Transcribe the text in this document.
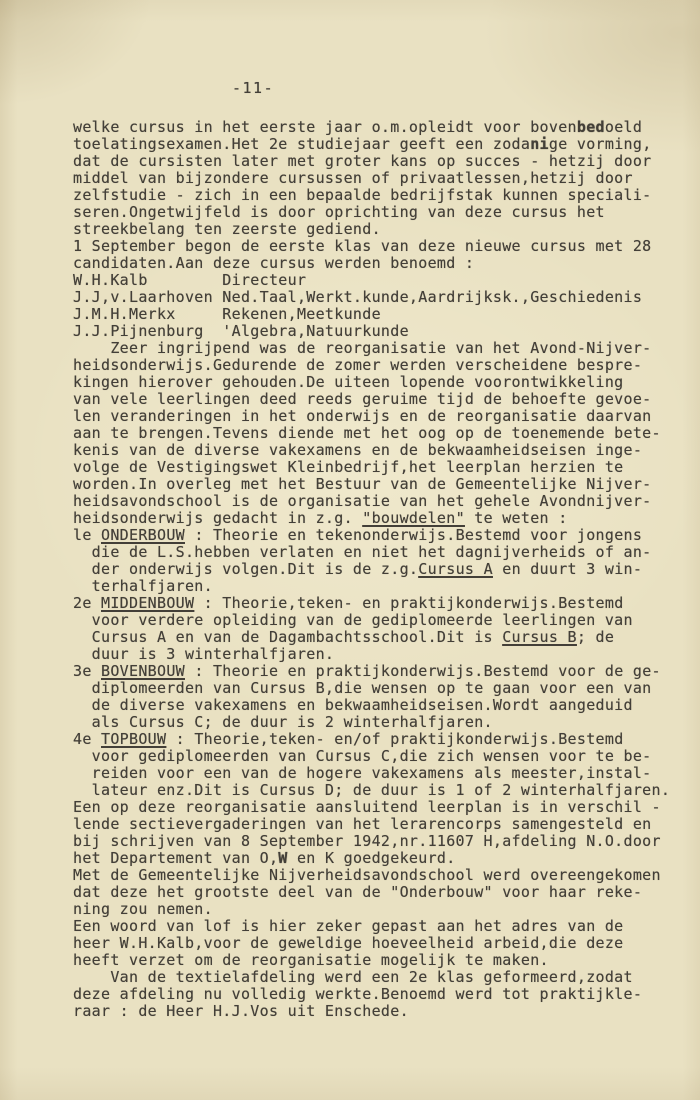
-11-
welke cursus in het eerste jaar o.m.opleidt voor bovenbedoeld
toelatingsexamen.Het 2e studiejaar geeft een zodanige vorming,
dat de cursisten later met groter kans op succes - hetzij door
middel van bijzondere cursussen of privaatlessen,hetzij door
zelfstudie - zich in een bepaalde bedrijfstak kunnen speciali-
seren.Ongetwijfeld is door oprichting van deze cursus het
streekbelang ten zeerste gediend.
1 September begon de eerste klas van deze nieuwe cursus met 28
candidaten.Aan deze cursus werden benoemd :
W.H.Kalb        Directeur
J.J,v.Laarhoven Ned.Taal,Werkt.kunde,Aardrijksk.,Geschiedenis
J.M.H.Merkx     Rekenen,Meetkunde
J.J.Pijnenburg  'Algebra,Natuurkunde
Zeer ingrijpend was de reorganisatie van het Avond-Nijver-
heidsonderwijs.Gedurende de zomer werden verscheidene bespre-
kingen hierover gehouden.De uiteen lopende voorontwikkeling
van vele leerlingen deed reeds geruime tijd de behoefte gevoe-
len veranderingen in het onderwijs en de reorganisatie daarvan
aan te brengen.Tevens diende met het oog op de toenemende bete-
kenis van de diverse vakexamens en de bekwaamheidseisen inge-
volge de Vestigingswet Kleinbedrijf,het leerplan herzien te
worden.In overleg met het Bestuur van de Gemeentelijke Nijver-
heidsavondschool is de organisatie van het gehele Avondnijver-
heidsonderwijs gedacht in z.g. "bouwdelen" te weten :
le ONDERBOUW : Theorie en tekenonderwijs.Bestemd voor jongens
die de L.S.hebben verlaten en niet het dagnijverheids of an-
der onderwijs volgen.Dit is de z.g.Cursus A en duurt 3 win-
terhalfjaren.
2e MIDDENBOUW : Theorie,teken- en praktijkonderwijs.Bestemd
voor verdere opleiding van de gediplomeerde leerlingen van
Cursus A en van de Dagambachtsschool.Dit is Cursus B; de
duur is 3 winterhalfjaren.
3e BOVENBOUW : Theorie en praktijkonderwijs.Bestemd voor de ge-
diplomeerden van Cursus B,die wensen op te gaan voor een van
de diverse vakexamens en bekwaamheidseisen.Wordt aangeduid
als Cursus C; de duur is 2 winterhalfjaren.
4e TOPBOUW : Theorie,teken- en/of praktijkonderwijs.Bestemd
voor gediplomeerden van Cursus C,die zich wensen voor te be-
reiden voor een van de hogere vakexamens als meester,instal-
lateur enz.Dit is Cursus D; de duur is 1 of 2 winterhalfjaren.
Een op deze reorganisatie aansluitend leerplan is in verschil -
lende sectievergaderingen van het lerarencorps samengesteld en
bij schrijven van 8 September 1942,nr.11607 H,afdeling N.O.door
het Departement van O,W en K goedgekeurd.
Met de Gemeentelijke Nijverheidsavondschool werd overeengekomen
dat deze het grootste deel van de "Onderbouw" voor haar reke-
ning zou nemen.
Een woord van lof is hier zeker gepast aan het adres van de
heer W.H.Kalb,voor de geweldige hoeveelheid arbeid,die deze
heeft verzet om de reorganisatie mogelijk te maken.
Van de textielafdeling werd een 2e klas geformeerd,zodat
deze afdeling nu volledig werkte.Benoemd werd tot praktijkle-
raar : de Heer H.J.Vos uit Enschede.
